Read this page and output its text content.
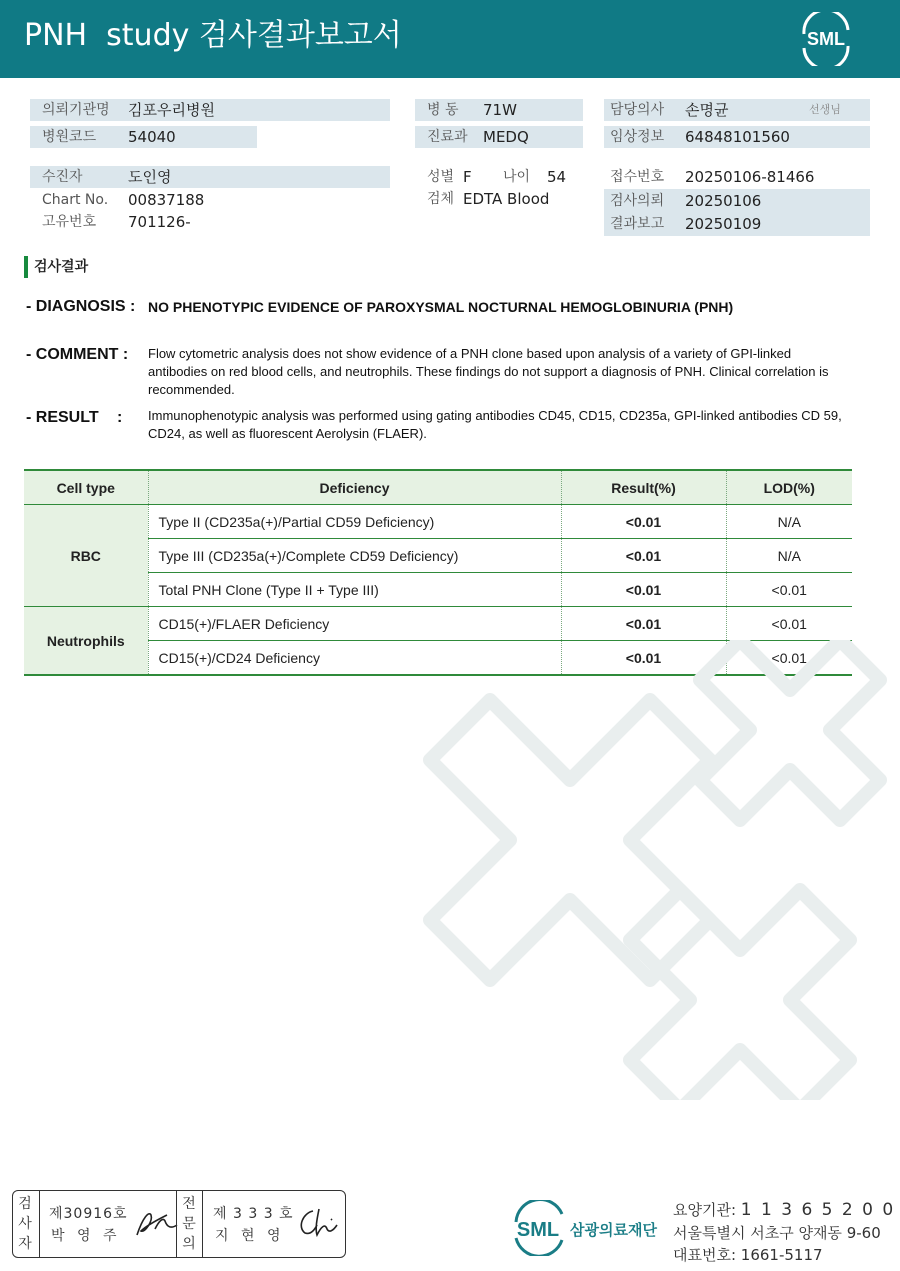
PNH  study 검사결과보고서	SML
의뢰기관명 김포우리병원
병원코드 54040
수진자	도인영
Chart No. 00837188
고유번호 701126-
병 동 71W
진료과 MEDQ
성별 F 나이 54
검체 EDTA Blood
담당의사 손명균	선생님
임상정보 64848101560
접수번호 20250106-81466
검사의뢰 20250106
결과보고 20250109
검사결과
- DIAGNOSIS : NO PHENOTYPIC EVIDENCE OF PAROXYSMAL NOCTURNAL HEMOGLOBINURIA (PNH)
- COMMENT : Flow cytometric analysis does not show evidence of a PNH clone based upon analysis of a variety of GPI-linked antibodies on red blood cells, and neutrophils. These findings do not support a diagnosis of PNH. Clinical correlation is recommended.
- RESULT : Immunophenotypic analysis was performed using gating antibodies CD45, CD15, CD235a, GPI-linked antibodies CD 59, CD24, as well as fluorescent Aerolysin (FLAER).
Cell type	Deficiency	Result(%)	LOD(%)
RBC	Type II (CD235a(+)/Partial CD59 Deficiency)	<0.01	N/A
	Type III (CD235a(+)/Complete CD59 Deficiency)	<0.01	N/A
	Total PNH Clone (Type II + Type III)	<0.01	<0.01
Neutrophils	CD15(+)/FLAER Deficiency	<0.01	<0.01
	CD15(+)/CD24 Deficiency	<0.01	<0.01
검
사
자
제30916호
박 영 주
전
문
의
제 3 3 3 호
지 현 영	SML 삼광의료재단
요양기관: 1 1 3 6 5 2 0 0
서울특별시 서초구 양재동 9-60
대표번호: 1661-5117
